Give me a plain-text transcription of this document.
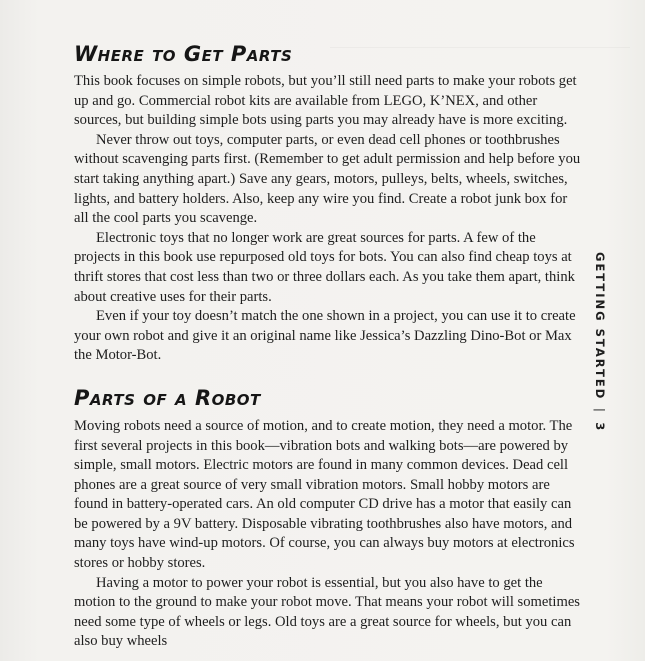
Where to Get Parts

This book focuses on simple robots, but you’ll still need parts to make your robots get up and go. Commercial robot kits are available from LEGO, K’NEX, and other sources, but building simple bots using parts you may already have is more exciting.

Never throw out toys, computer parts, or even dead cell phones or toothbrushes without scavenging parts first. (Remember to get adult permission and help before you start taking anything apart.) Save any gears, motors, pulleys, belts, wheels, switches, lights, and battery holders. Also, keep any wire you find. Create a robot junk box for all the cool parts you scavenge.

Electronic toys that no longer work are great sources for parts. A few of the projects in this book use repurposed old toys for bots. You can also find cheap toys at thrift stores that cost less than two or three dollars each. As you take them apart, think about creative uses for their parts.

Even if your toy doesn’t match the one shown in a project, you can use it to create your own robot and give it an original name like Jessica’s Dazzling Dino-Bot or Max the Motor-Bot.

Parts of a Robot

Moving robots need a source of motion, and to create motion, they need a motor. The first several projects in this book—vibration bots and walking bots—are powered by simple, small motors. Electric motors are found in many common devices. Dead cell phones are a great source of very small vibration motors. Small hobby motors are found in battery-operated cars. An old computer CD drive has a motor that easily can be powered by a 9V battery. Disposable vibrating toothbrushes also have motors, and many toys have wind-up motors. Of course, you can always buy motors at electronics stores or hobby stores.

Having a motor to power your robot is essential, but you also have to get the motion to the ground to make your robot move. That means your robot will sometimes need some type of wheels or legs. Old toys are a great source for wheels, but you can also buy wheels

GETTING STARTED|3
